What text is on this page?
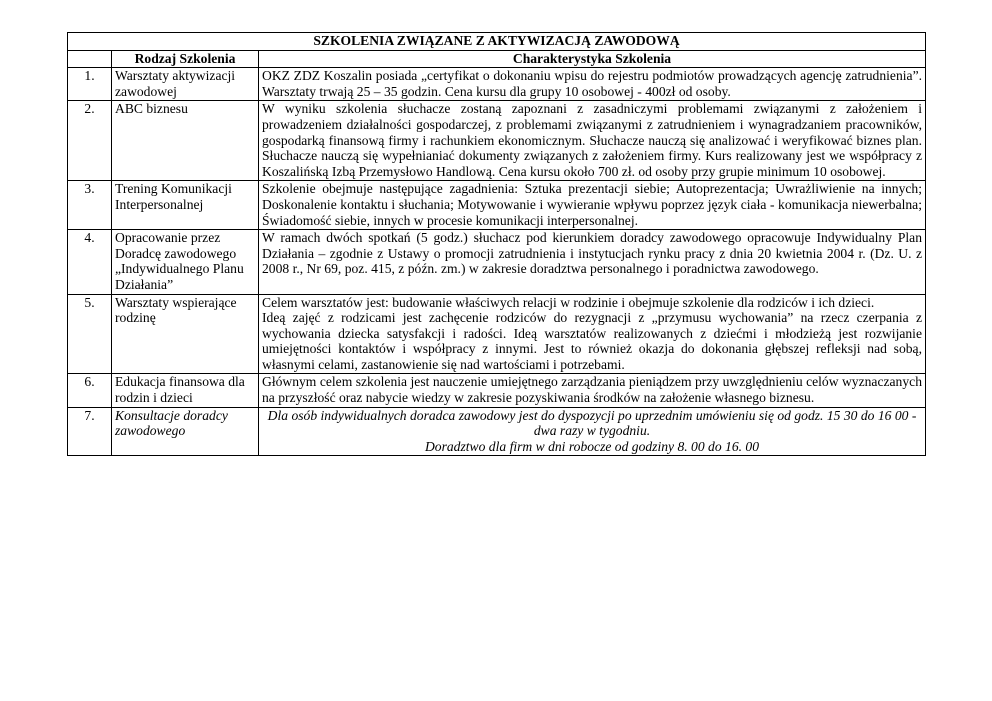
SZKOLENIA ZWIĄZANE Z AKTYWIZACJĄ ZAWODOWĄ		
	Rodzaj Szkolenia	Charakterystyka Szkolenia
1.	Warsztaty aktywizacji zawodowej	OKZ ZDZ Koszalin posiada „certyfikat o dokonaniu wpisu do rejestru podmiotów prowadzących agencję zatrudnienia”. Warsztaty trwają 25 – 35 godzin. Cena kursu dla grupy 10 osobowej - 400zł od osoby.

2.	ABC biznesu	W wyniku szkolenia słuchacze zostaną zapoznani z zasadniczymi problemami związanymi z założeniem i prowadzeniem działalności gospodarczej, z problemami związanymi z zatrudnieniem i wynagradzaniem pracowników, gospodarką finansową firmy i rachunkiem ekonomicznym. Słuchacze nauczą się analizować i weryfikować biznes plan. Słuchacze nauczą się wypełnianiać dokumenty związanych z założeniem firmy. Kurs realizowany jest we współpracy z Koszalińską Izbą Przemysłowo Handlową. Cena kursu około 700 zł. od osoby przy grupie minimum 10 osobowej.

3.	Trening Komunikacji Interpersonalnej	Szkolenie obejmuje następujące zagadnienia: Sztuka prezentacji siebie; Autoprezentacja; Uwrażliwienie na innych; Doskonalenie kontaktu i słuchania; Motywowanie i wywieranie wpływu poprzez język ciała - komunikacja niewerbalna; Świadomość siebie, innych w procesie komunikacji interpersonalnej.

4.	Opracowanie przez Doradcę zawodowego „Indywidualnego Planu Działania”	W ramach dwóch spotkań (5 godz.) słuchacz pod kierunkiem doradcy zawodowego opracowuje Indywidualny Plan Działania – zgodnie z Ustawy o promocji zatrudnienia i instytucjach rynku pracy z dnia 20 kwietnia 2004 r. (Dz. U. z 2008 r., Nr 69, poz. 415, z późn. zm.) w zakresie doradztwa personalnego i poradnictwa zawodowego.

5.	Warsztaty wspierające rodzinę	Celem warsztatów jest: budowanie właściwych relacji w rodzinie i obejmuje szkolenie dla rodziców i ich dzieci.

Ideą zajęć z rodzicami jest zachęcenie rodziców do rezygnacji z „przymusu wychowania” na rzecz czerpania z wychowania dziecka satysfakcji i radości. Ideą warsztatów realizowanych z dziećmi i młodzieżą jest rozwijanie umiejętności kontaktów i współpracy z innymi. Jest to również okazja do dokonania głębszej refleksji nad sobą, własnymi celami, zastanowienie się nad wartościami i potrzebami.

6.	Edukacja finansowa dla rodzin i dzieci	Głównym celem szkolenia jest nauczenie umiejętnego zarządzania pieniądzem przy uwzględnieniu celów wyznaczanych na przyszłość oraz nabycie wiedzy w zakresie pozyskiwania środków na założenie własnego biznesu.

7.	Konsultacje doradcy zawodowego	Dla osób indywidualnych doradca zawodowy jest do dyspozycji po uprzednim umówieniu się od godz. 15 30 do 16 00 - dwa razy w tygodniu.

Doradztwo dla firm w dni robocze od godziny 8. 00 do 16. 00
